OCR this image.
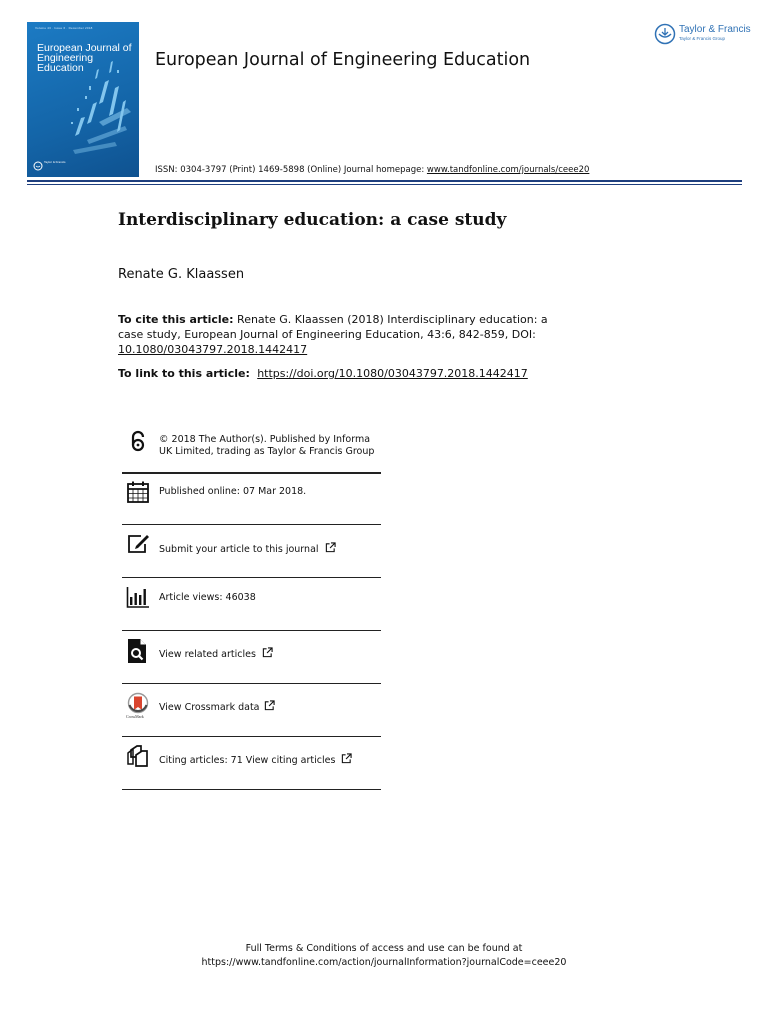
Volume 43 · Issue 6 · December 2018
European Journal of Engineering Education
Taylor & Francis
European Journal of Engineering Education
Taylor & Francis
Taylor & Francis Group
ISSN: 0304-3797 (Print) 1469-5898 (Online) Journal homepage: www.tandfonline.com/journals/ceee20
Interdisciplinary education: a case study
Renate G. Klaassen
To cite this article: Renate G. Klaassen (2018) Interdisciplinary education: a case study, European Journal of Engineering Education, 43:6, 842-859, DOI: 10.1080/03043797.2018.1442417
To link to this article:  https://doi.org/10.1080/03043797.2018.1442417
© 2018 The Author(s). Published by Informa UK Limited, trading as Taylor & Francis Group
Published online: 07 Mar 2018.
Submit your article to this journal
Article views: 46038
View related articles
CrossMark
View Crossmark data
Citing articles: 71 View citing articles
Full Terms & Conditions of access and use can be found at
https://www.tandfonline.com/action/journalInformation?journalCode=ceee20
